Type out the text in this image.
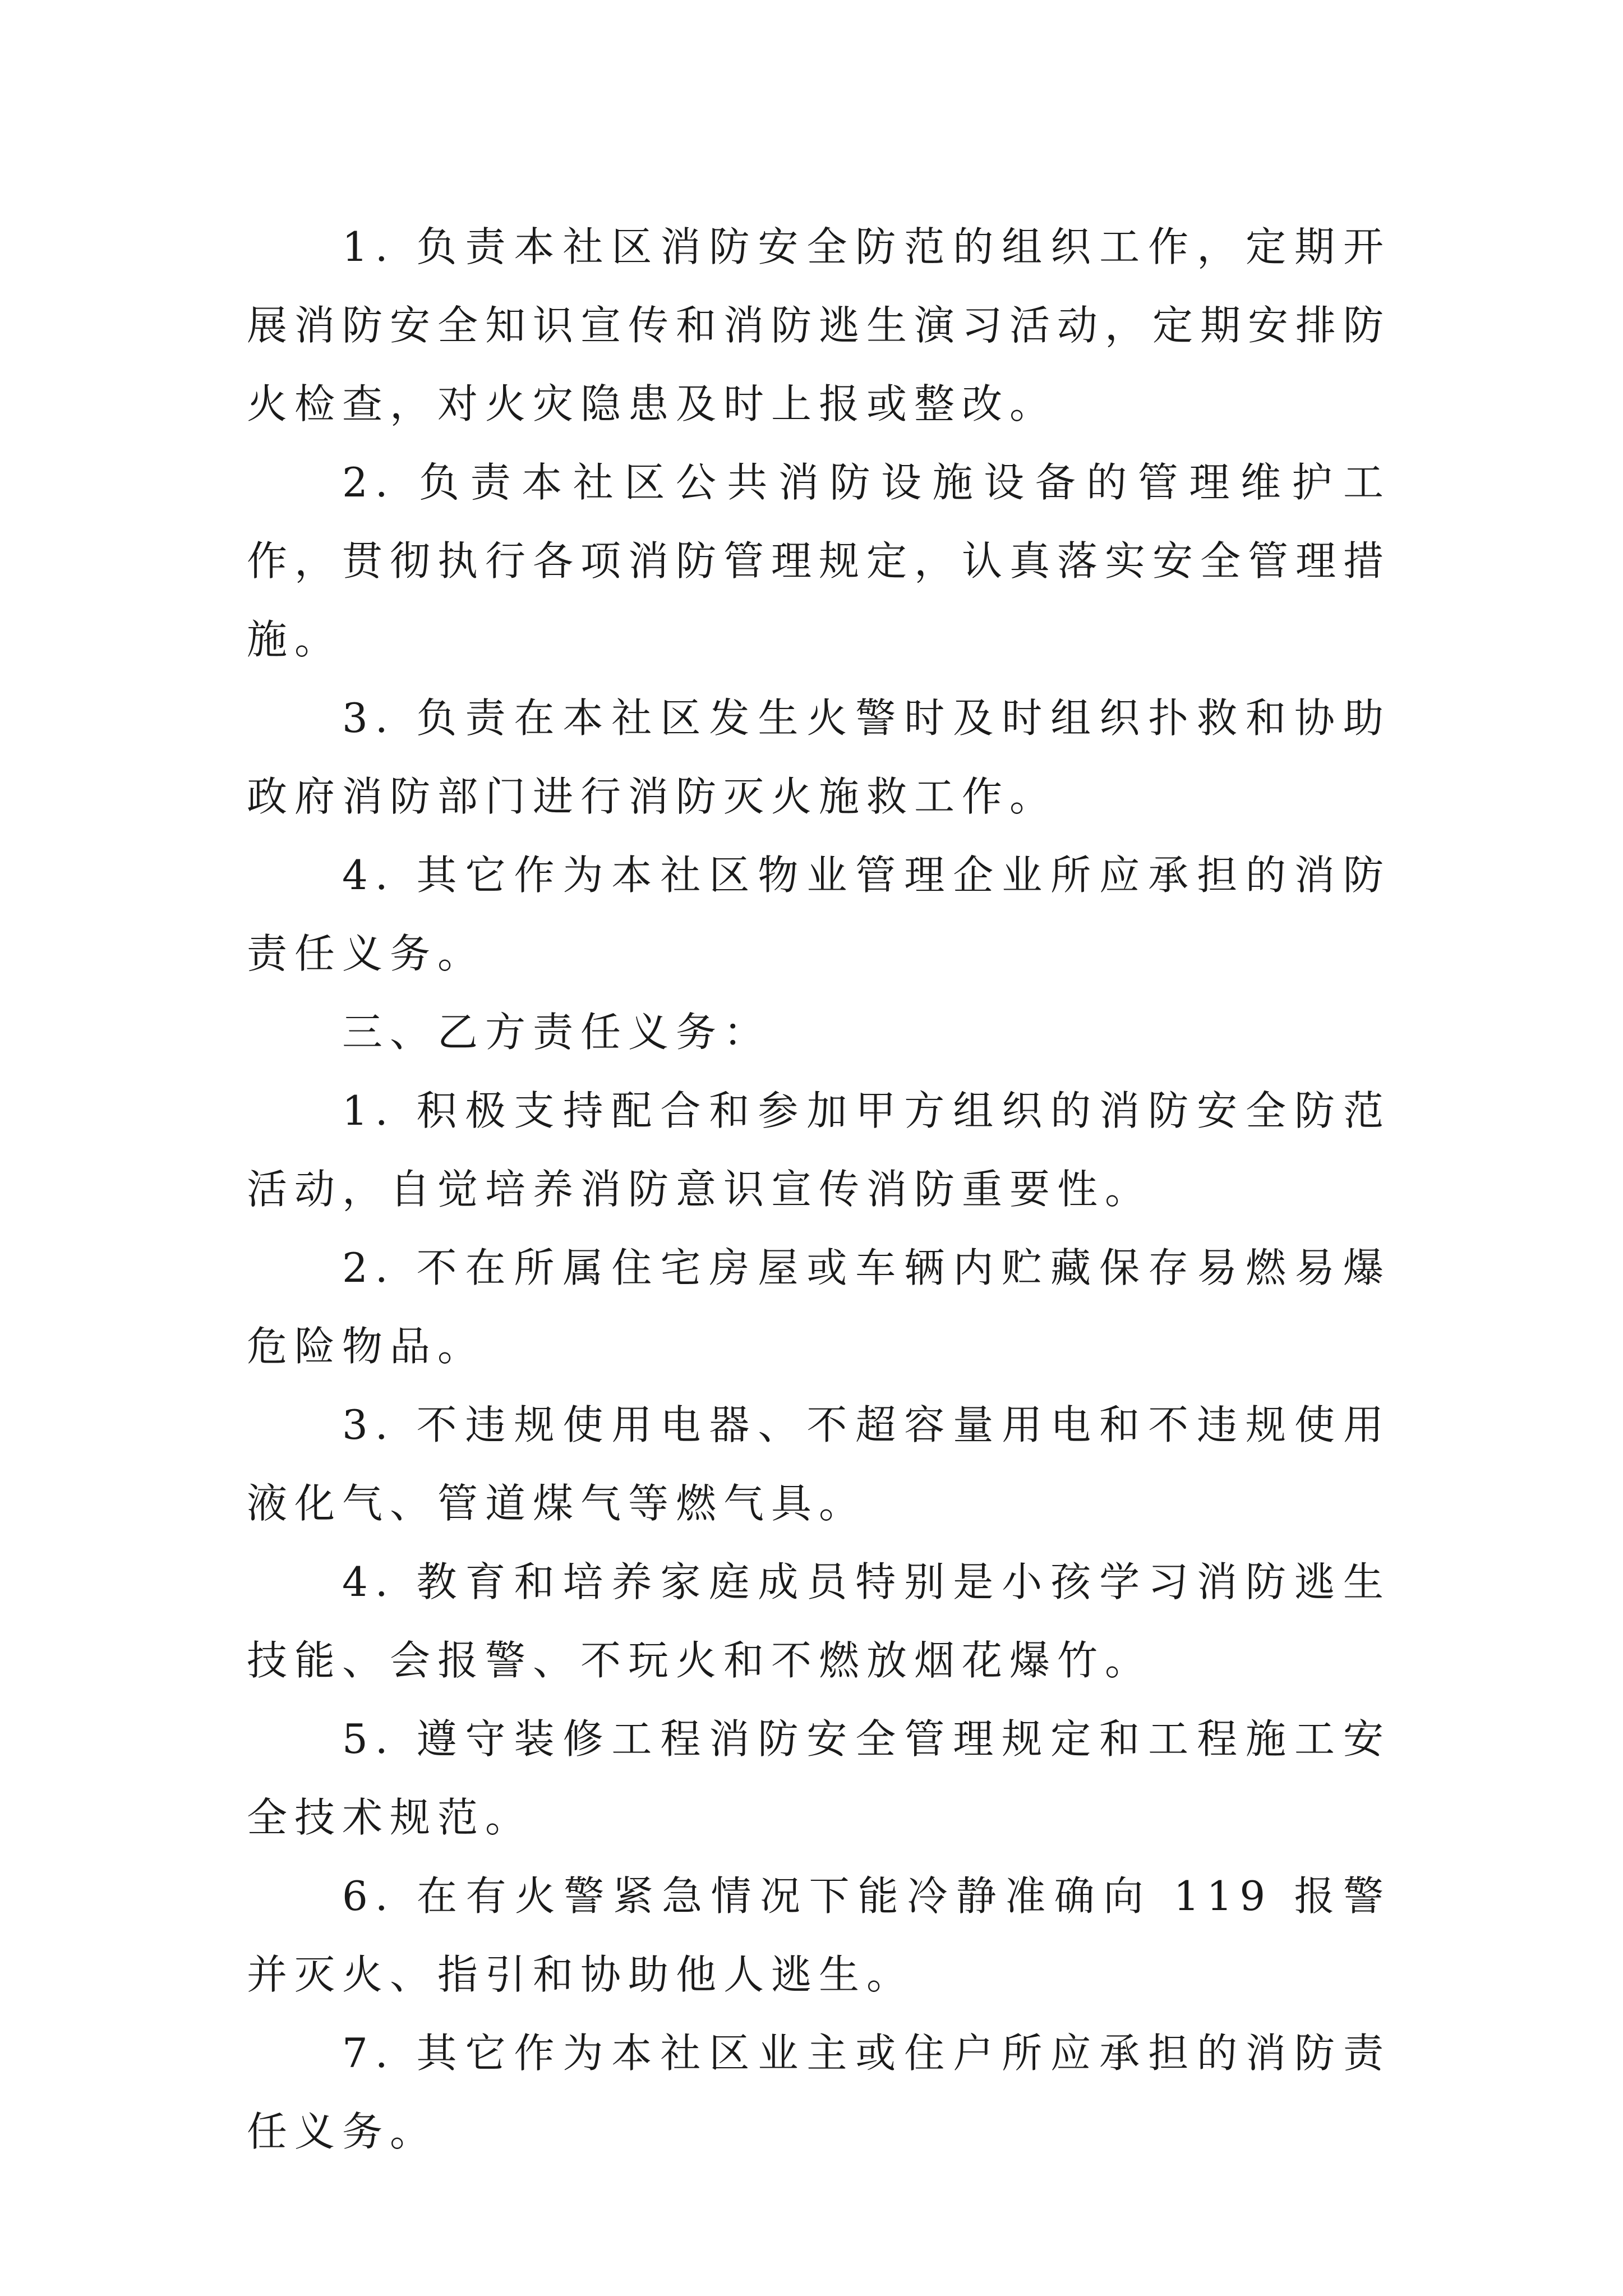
1. 负责本社区消防安全防范的组织工作，定期开展消防安全知识宣传和消防逃生演习活动，定期安排防火检查，对火灾隐患及时上报或整改。

2. 负责本社区公共消防设施设备的管理维护工作，贯彻执行各项消防管理规定，认真落实安全管理措施。

3. 负责在本社区发生火警时及时组织扑救和协助政府消防部门进行消防灭火施救工作。

4. 其它作为本社区物业管理企业所应承担的消防责任义务。

三、乙方责任义务：

1. 积极支持配合和参加甲方组织的消防安全防范活动，自觉培养消防意识宣传消防重要性。

2. 不在所属住宅房屋或车辆内贮藏保存易燃易爆危险物品。

3. 不违规使用电器、不超容量用电和不违规使用液化气、管道煤气等燃气具。

4. 教育和培养家庭成员特别是小孩学习消防逃生技能、会报警、不玩火和不燃放烟花爆竹。

5. 遵守装修工程消防安全管理规定和工程施工安全技术规范。

6. 在有火警紧急情况下能冷静准确向 119 报警并灭火、指引和协助他人逃生。

7. 其它作为本社区业主或住户所应承担的消防责任义务。
